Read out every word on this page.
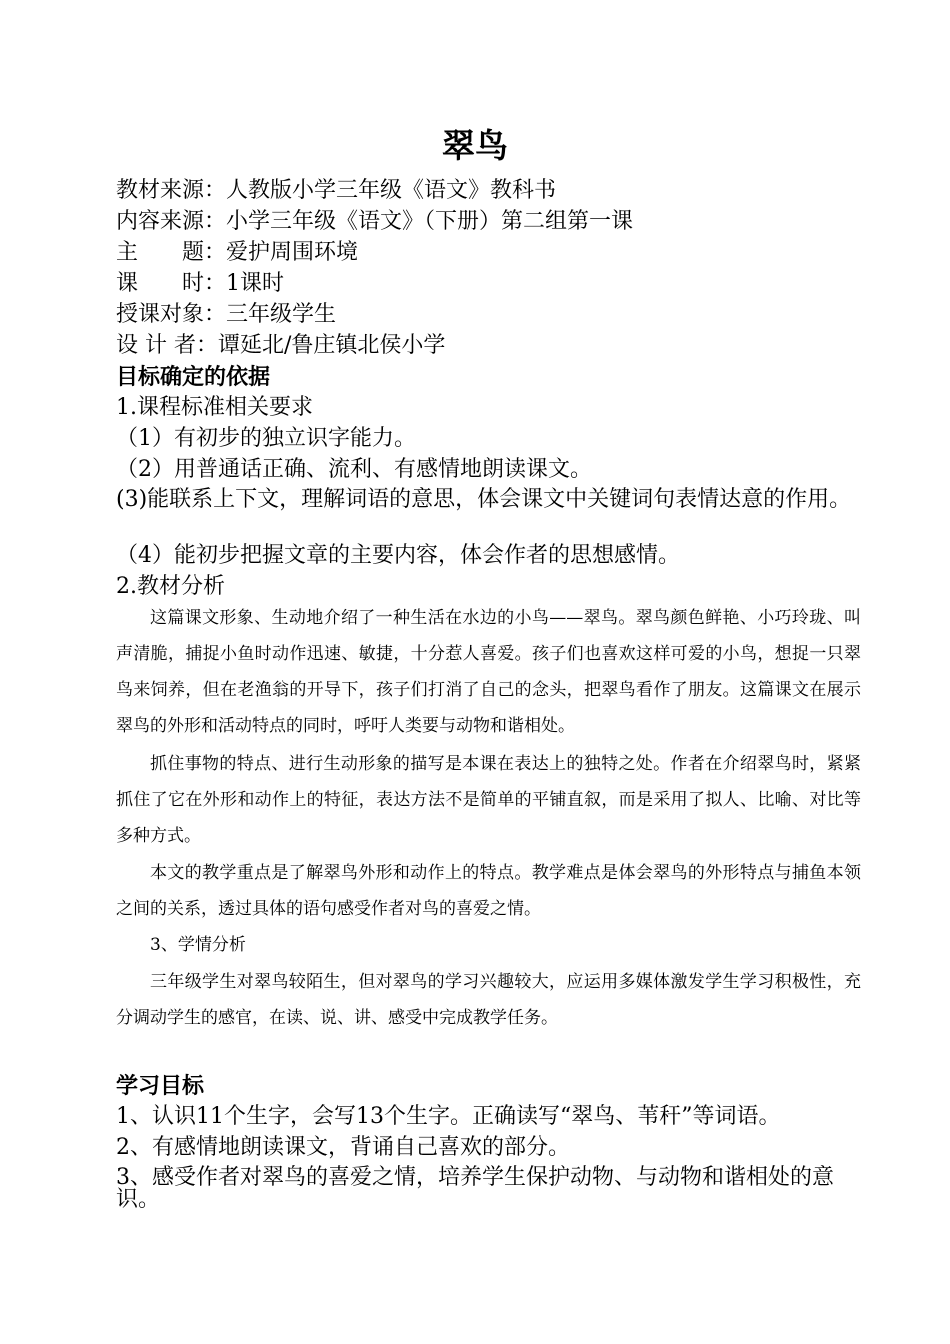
翠鸟
教材来源：人教版小学三年级《语文》教科书
内容来源：小学三年级《语文》（下册）第二组第一课
主　　题：爱护周围环境
课　　时：1课时
授课对象：三年级学生
设 计 者：谭延北/鲁庄镇北侯小学
目标确定的依据
1.课程标准相关要求
（1）有初步的独立识字能力。
（2）用普通话正确、流利、有感情地朗读课文。
(3)能联系上下文，理解词语的意思，体会课文中关键词句表情达意的作用。
（4）能初步把握文章的主要内容，体会作者的思想感情。
2.教材分析
这篇课文形象、生动地介绍了一种生活在水边的小鸟——翠鸟。翠鸟颜色鲜艳、小巧玲珑、叫声清脆，捕捉小鱼时动作迅速、敏捷，十分惹人喜爱。孩子们也喜欢这样可爱的小鸟，想捉一只翠鸟来饲养，但在老渔翁的开导下，孩子们打消了自己的念头，把翠鸟看作了朋友。这篇课文在展示翠鸟的外形和活动特点的同时，呼吁人类要与动物和谐相处。
抓住事物的特点、进行生动形象的描写是本课在表达上的独特之处。作者在介绍翠鸟时，紧紧抓住了它在外形和动作上的特征，表达方法不是简单的平铺直叙，而是采用了拟人、比喻、对比等多种方式。
本文的教学重点是了解翠鸟外形和动作上的特点。教学难点是体会翠鸟的外形特点与捕鱼本领之间的关系，透过具体的语句感受作者对鸟的喜爱之情。
3、学情分析
三年级学生对翠鸟较陌生，但对翠鸟的学习兴趣较大，应运用多媒体激发学生学习积极性，充分调动学生的感官，在读、说、讲、感受中完成教学任务。
学习目标
1、认识11个生字，会写13个生字。正确读写“翠鸟、苇秆”等词语。
2、有感情地朗读课文，背诵自己喜欢的部分。
3、感受作者对翠鸟的喜爱之情，培养学生保护动物、与动物和谐相处的意识。
